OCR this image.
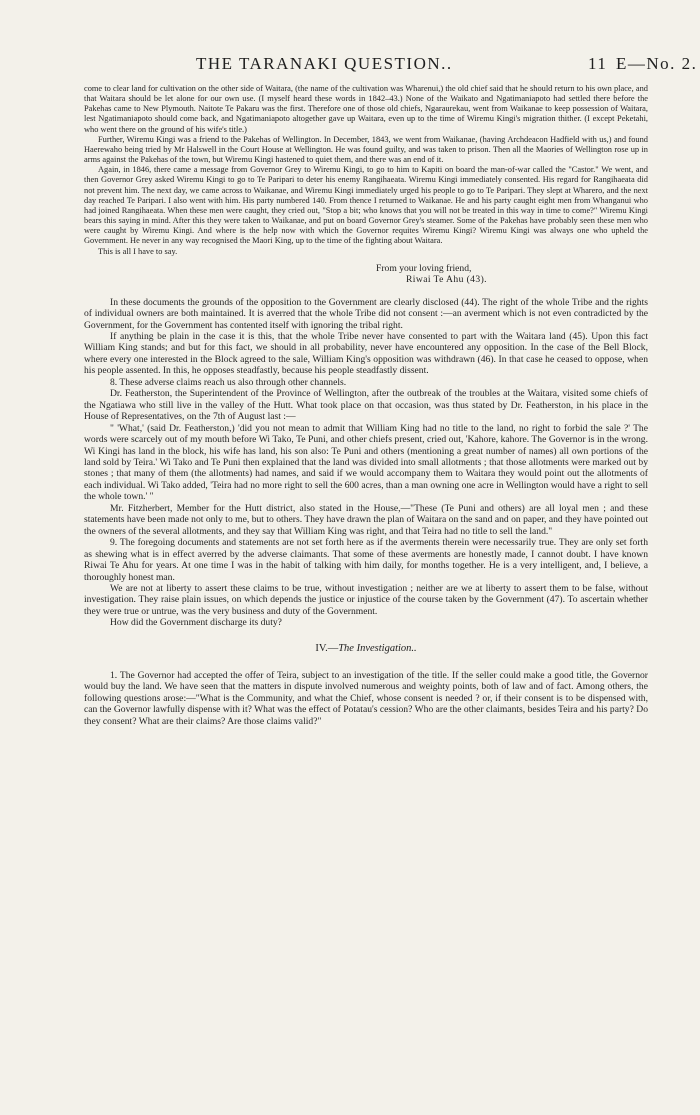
THE TARANAKI QUESTION..	11 E—No. 2.

come to clear land for cultivation on the other side of Waitara, (the name of the cultivation was Wharenui,) the old chief said that he should return to his own place, and that Waitara should be let alone for our own use. (I myself heard these words in 1842–43.) None of the Waikato and Ngatimaniapoto had settled there before the Pakehas came to New Plymouth. Naitote Te Pakaru was the first. Therefore one of those old chiefs, Ngaraurekau, went from Waikanae to keep possession of Waitara, lest Ngatimaniapoto should come back, and Ngatimaniapoto altogether gave up Waitara, even up to the time of Wiremu Kingi's migration thither. (I except Peketahi, who went there on the ground of his wife's title.)

Further, Wiremu Kingi was a friend to the Pakehas of Wellington. In December, 1843, we went from Waikanae, (having Archdeacon Hadfield with us,) and found Haerewaho being tried by Mr Halswell in the Court House at Wellington. He was found guilty, and was taken to prison. Then all the Maories of Wellington rose up in arms against the Pakehas of the town, but Wiremu Kingi hastened to quiet them, and there was an end of it.

Again, in 1846, there came a message from Governor Grey to Wiremu Kingi, to go to him to Kapiti on board the man-of-war called the "Castor." We went, and then Governor Grey asked Wiremu Kingi to go to Te Paripari to deter his enemy Rangihaeata. Wiremu Kingi immediately consented. His regard for Rangihaeata did not prevent him. The next day, we came across to Waikanae, and Wiremu Kingi immediately urged his people to go to Te Paripari. They slept at Wharero, and the next day reached Te Paripari. I also went with him. His party numbered 140. From thence I returned to Waikanae. He and his party caught eight men from Whanganui who had joined Rangihaeata. When these men were caught, they cried out, "Stop a bit; who knows that you will not be treated in this way in time to come?" Wiremu Kingi bears this saying in mind. After this they were taken to Waikanae, and put on board Governor Grey's steamer. Some of the Pakehas have probably seen these men who were caught by Wiremu Kingi. And where is the help now with which the Governor requites Wiremu Kingi? Wiremu Kingi was always one who upheld the Government. He never in any way recognised the Maori King, up to the time of the fighting about Waitara.

This is all I have to say.

From your loving friend,
Riwai Te Ahu (43).

In these documents the grounds of the opposition to the Government are clearly disclosed (44). The right of the whole Tribe and the rights of individual owners are both maintained. It is averred that the whole Tribe did not consent :—an averment which is not even contradicted by the Government, for the Government has contented itself with ignoring the tribal right.

If anything be plain in the case it is this, that the whole Tribe never have consented to part with the Waitara land (45). Upon this fact William King stands; and but for this fact, we should in all probability, never have encountered any opposition. In the case of the Bell Block, where every one interested in the Block agreed to the sale, William King's opposition was withdrawn (46). In that case he ceased to oppose, when his people assented. In this, he opposes steadfastly, because his people steadfastly dissent.

8. These adverse claims reach us also through other channels.

Dr. Featherston, the Superintendent of the Province of Wellington, after the outbreak of the troubles at the Waitara, visited some chiefs of the Ngatiawa who still live in the valley of the Hutt. What took place on that occasion, was thus stated by Dr. Featherston, in his place in the House of Representatives, on the 7th of August last :—

" 'What,' (said Dr. Featherston,) 'did you not mean to admit that William King had no title to the land, no right to forbid the sale ?' The words were scarcely out of my mouth before Wi Tako, Te Puni, and other chiefs present, cried out, 'Kahore, kahore. The Governor is in the wrong. Wi Kingi has land in the block, his wife has land, his son also: Te Puni and others (mentioning a great number of names) all own portions of the land sold by Teira.' Wi Tako and Te Puni then explained that the land was divided into small allotments ; that those allotments were marked out by stones ; that many of them (the allotments) had names, and said if we would accompany them to Waitara they would point out the allotments of each individual. Wi Tako added, 'Teira had no more right to sell the 600 acres, than a man owning one acre in Wellington would have a right to sell the whole town.' "

Mr. Fitzherbert, Member for the Hutt district, also stated in the House,—"These (Te Puni and others) are all loyal men ; and these statements have been made not only to me, but to others. They have drawn the plan of Waitara on the sand and on paper, and they have pointed out the owners of the several allotments, and they say that William King was right, and that Teira had no title to sell the land."

9. The foregoing documents and statements are not set forth here as if the averments therein were necessarily true. They are only set forth as shewing what is in effect averred by the adverse claimants. That some of these averments are honestly made, I cannot doubt. I have known Riwai Te Ahu for years. At one time I was in the habit of talking with him daily, for months together. He is a very intelligent, and, I believe, a thoroughly honest man.

We are not at liberty to assert these claims to be true, without investigation ; neither are we at liberty to assert them to be false, without investigation. They raise plain issues, on which depends the justice or injustice of the course taken by the Government (47). To ascertain whether they were true or untrue, was the very business and duty of the Government.

How did the Government discharge its duty?

IV.—The Investigation..

1. The Governor had accepted the offer of Teira, subject to an investigation of the title. If the seller could make a good title, the Governor would buy the land. We have seen that the matters in dispute involved numerous and weighty points, both of law and of fact. Among others, the following questions arose:—"What is the Community, and what the Chief, whose consent is needed ? or, if their consent is to be dispensed with, can the Governor lawfully dispense with it? What was the effect of Potatau's cession? Who are the other claimants, besides Teira and his party? Do they consent? What are their claims? Are those claims valid?"
